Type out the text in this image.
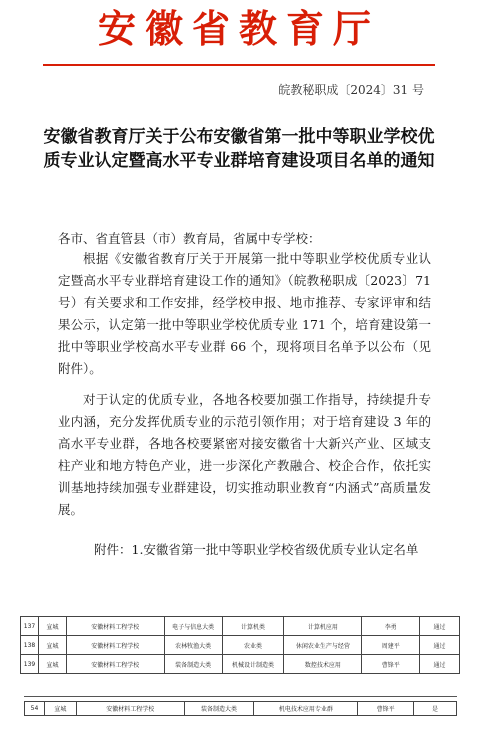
安徽省教育厅
皖教秘职成〔2024〕31 号
安徽省教育厅关于公布安徽省第一批中等职业学校优质专业认定暨高水平专业群培育建设项目名单的通知
各市、省直管县（市）教育局，省属中专学校：
根据《安徽省教育厅关于开展第一批中等职业学校优质专业认定暨高水平专业群培育建设工作的通知》（皖教秘职成〔2023〕71 号）有关要求和工作安排，经学校申报、地市推荐、专家评审和结果公示，认定第一批中等职业学校优质专业 171 个，培育建设第一批中等职业学校高水平专业群 66 个，现将项目名单予以公布（见附件）。
对于认定的优质专业，各地各校要加强工作指导，持续提升专业内涵，充分发挥优质专业的示范引领作用；对于培育建设 3 年的高水平专业群，各地各校要紧密对接安徽省十大新兴产业、区域支柱产业和地方特色产业，进一步深化产教融合、校企合作，依托实训基地持续加强专业群建设，切实推动职业教育“内涵式”高质量发展。
附件：1.安徽省第一批中等职业学校省级优质专业认定名单
137	宣城	安徽材料工程学校	电子与信息大类	计算机类	计算机应用	李勇	通过
138	宣城	安徽材料工程学校	农林牧渔大类	农业类	休闲农业生产与经营	周建平	通过
139	宣城	安徽材料工程学校	装备制造大类	机械设计制造类	数控技术应用	曹锋平	通过
54	宣城	安徽材料工程学校	装备制造大类	机电技术应用专业群	曹锋平	是
